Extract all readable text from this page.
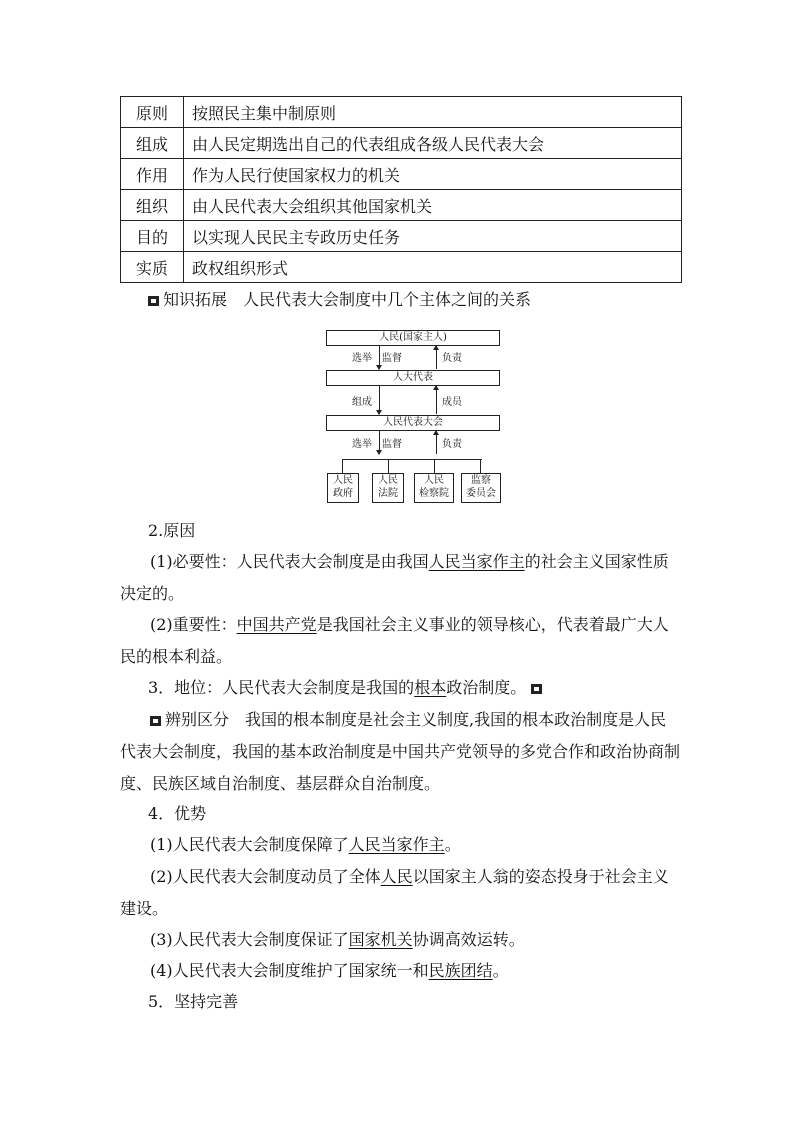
原则	按照民主集中制原则
组成	由人民定期选出自己的代表组成各级人民代表大会
作用	作为人民行使国家权力的机关
组织	由人民代表大会组织其他国家机关
目的	以实现人民民主专政历史任务
实质	政权组织形式
知识拓展 人民代表大会制度中几个主体之间的关系
人民(国家主人)
人大代表
人民代表大会
选举 监督	负责
组成	成员
选举 监督	负责
人民
政府
人民
法院
人民
检察院
监察
委员会
2.原因
(1)必要性：人民代表大会制度是由我国人民当家作主的社会主义国家性质决定的。
(2)重要性：中国共产党是我国社会主义事业的领导核心，代表着最广大人民的根本利益。
3．地位：人民代表大会制度是我国的根本政治制度。
辨别区分　 我国的根本制度是社会主义制度,我国的根本政治制度是人民代表大会制度，我国的基本政治制度是中国共产党领导的多党合作和政治协商制度、民族区域自治制度、基层群众自治制度。
4．优势
(1)人民代表大会制度保障了人民当家作主。
(2)人民代表大会制度动员了全体人民以国家主人翁的姿态投身于社会主义建设。
(3)人民代表大会制度保证了国家机关协调高效运转。
(4)人民代表大会制度维护了国家统一和民族团结。
5．坚持完善
